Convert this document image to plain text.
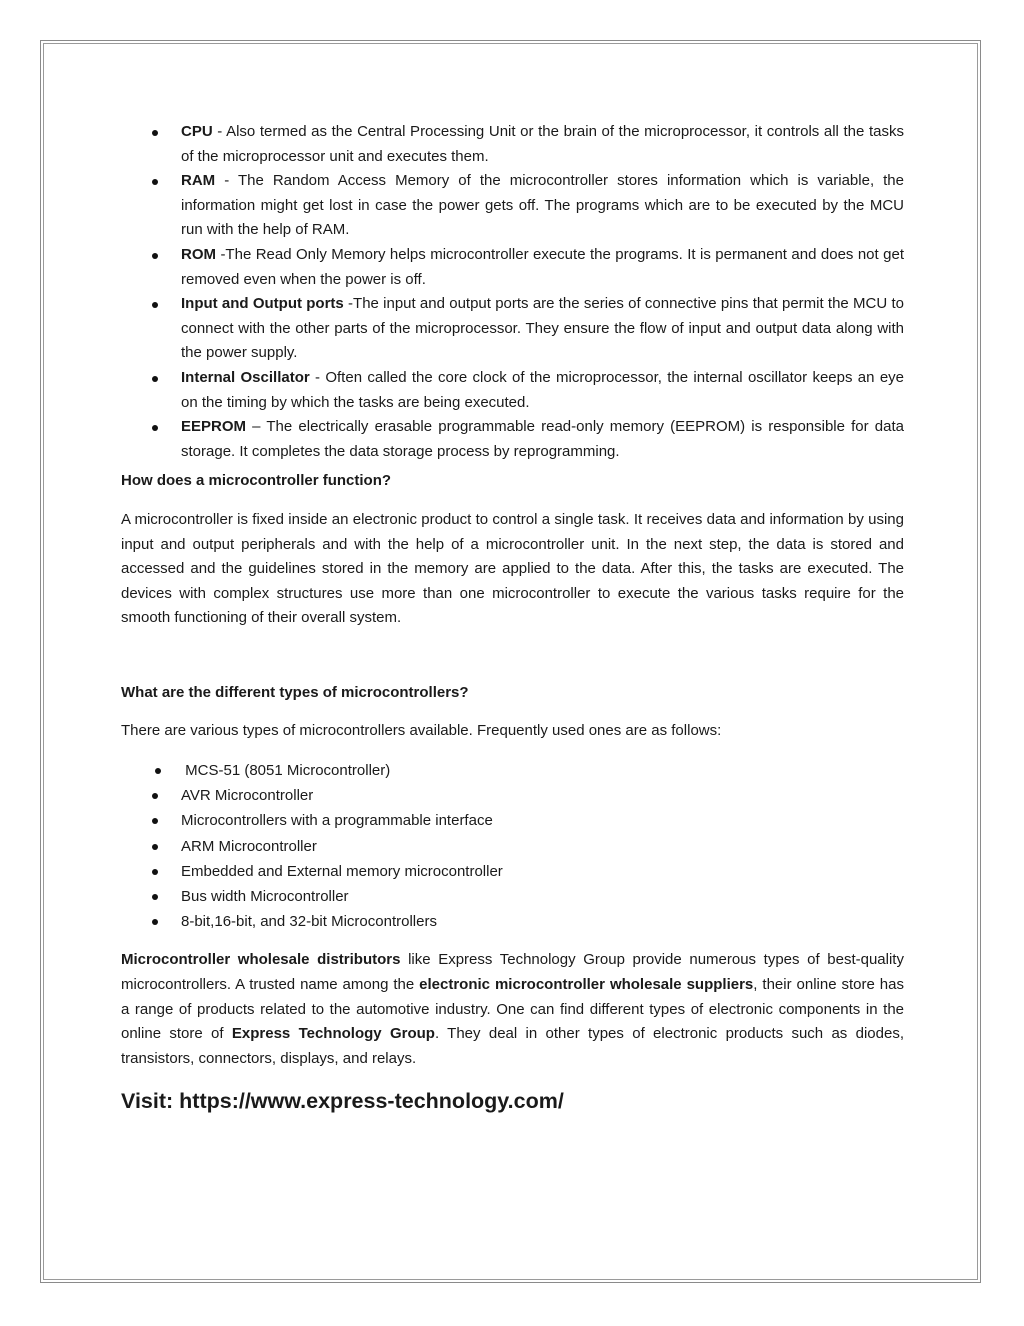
CPU - Also termed as the Central Processing Unit or the brain of the microprocessor, it controls all the tasks of the microprocessor unit and executes them.
RAM - The Random Access Memory of the microcontroller stores information which is variable, the information might get lost in case the power gets off. The programs which are to be executed by the MCU run with the help of RAM.
ROM -The Read Only Memory helps microcontroller execute the programs. It is permanent and does not get removed even when the power is off.
Input and Output ports -The input and output ports are the series of connective pins that permit the MCU to connect with the other parts of the microprocessor. They ensure the flow of input and output data along with the power supply.
Internal Oscillator - Often called the core clock of the microprocessor, the internal oscillator keeps an eye on the timing by which the tasks are being executed.
EEPROM – The electrically erasable programmable read-only memory (EEPROM) is responsible for data storage. It completes the data storage process by reprogramming.

How does a microcontroller function?

A microcontroller is fixed inside an electronic product to control a single task. It receives data and information by using input and output peripherals and with the help of a microcontroller unit. In the next step, the data is stored and accessed and the guidelines stored in the memory are applied to the data. After this, the tasks are executed. The devices with complex structures use more than one microcontroller to execute the various tasks require for the smooth functioning of their overall system.

What are the different types of microcontrollers?

There are various types of microcontrollers available. Frequently used ones are as follows:

MCS-51 (8051 Microcontroller)
AVR Microcontroller
Microcontrollers with a programmable interface
ARM Microcontroller
Embedded and External memory microcontroller
Bus width Microcontroller
8-bit,16-bit, and 32-bit Microcontrollers

Microcontroller wholesale distributors like Express Technology Group provide numerous types of best-quality microcontrollers. A trusted name among the electronic microcontroller wholesale suppliers, their online store has a range of products related to the automotive industry. One can find different types of electronic components in the online store of Express Technology Group. They deal in other types of electronic products such as diodes, transistors, connectors, displays, and relays.

Visit: https://www.express-technology.com/
